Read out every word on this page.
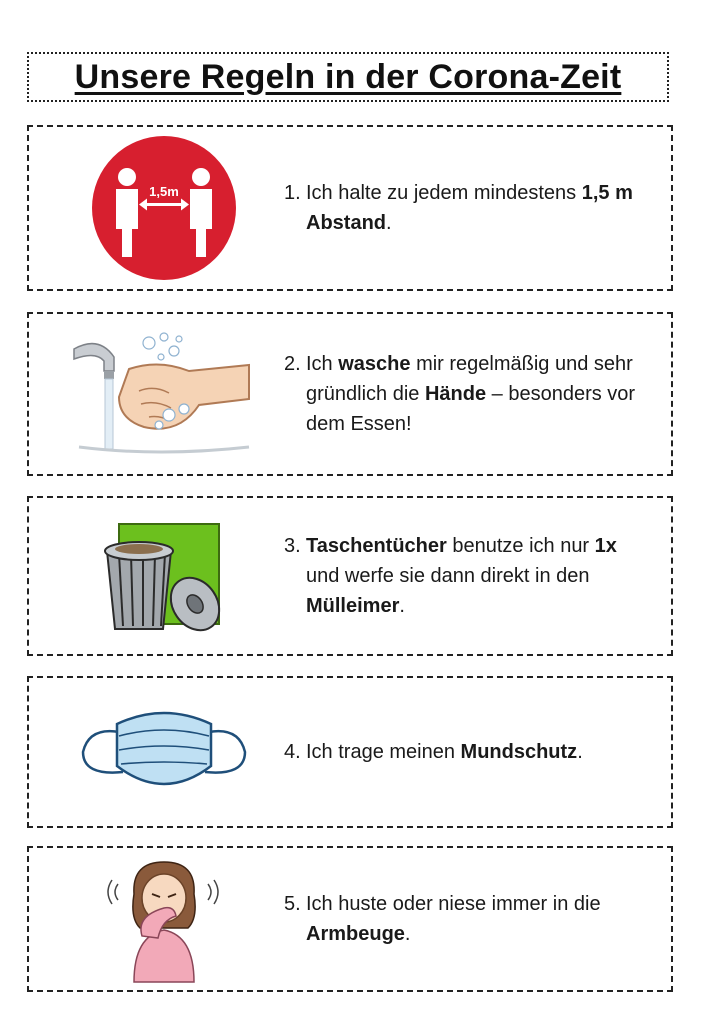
Unsere Regeln in der Corona-Zeit
1,5m	1. Ich halte zu jedem mindestens 1,5 m Abstand.
2. Ich wasche mir regelmäßig und sehr gründlich die Hände – besonders vor dem Essen!
3. Taschentücher benutze ich nur 1x und werfe sie dann direkt in den Mülleimer.
4. Ich trage meinen Mundschutz.
5. Ich huste oder niese immer in die Armbeuge.
